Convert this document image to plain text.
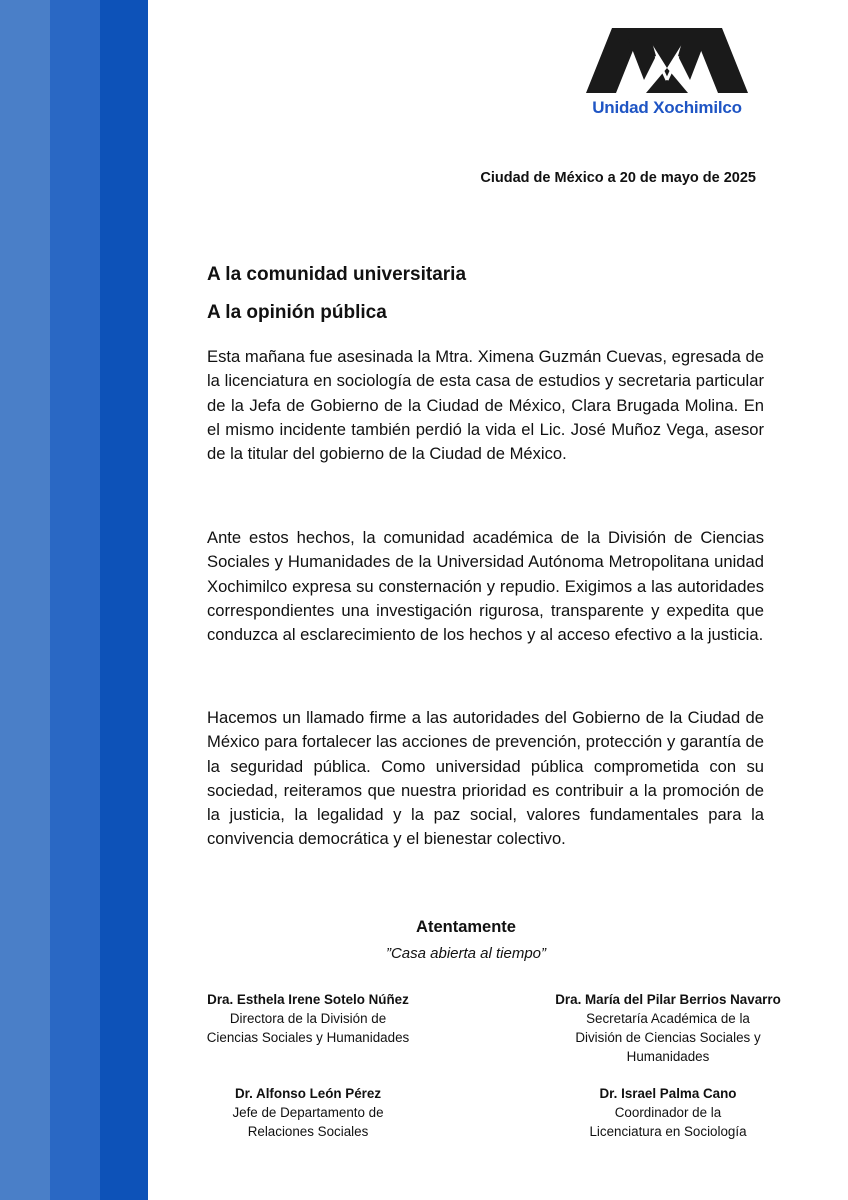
Unidad Xochimilco
Ciudad de México a 20 de mayo de 2025
A la comunidad universitaria
A la opinión pública
Esta mañana fue asesinada la Mtra. Ximena Guzmán Cuevas, egresada de la licenciatura en sociología de esta casa de estudios y secretaria particular de la Jefa de Gobierno de la Ciudad de México, Clara Brugada Molina. En el mismo incidente también perdió la vida el Lic. José Muñoz Vega, asesor de la titular del gobierno de la Ciudad de México.
Ante estos hechos, la comunidad académica de la División de Ciencias Sociales y Humanidades de la Universidad Autónoma Metropolitana unidad Xochimilco expresa su consternación y repudio. Exigimos a las autoridades correspondientes una investigación rigurosa, transparente y expedita que conduzca al esclarecimiento de los hechos y al acceso efectivo a la justicia.
Hacemos un llamado firme a las autoridades del Gobierno de la Ciudad de México para fortalecer las acciones de prevención, protección y garantía de la seguridad pública. Como universidad pública comprometida con su sociedad, reiteramos que nuestra prioridad es contribuir a la promoción de la justicia, la legalidad y la paz social, valores fundamentales para la convivencia democrática y el bienestar colectivo.
Atentamente
”Casa abierta al tiempo”
Dra. Esthela Irene Sotelo Núñez
Directora de la División de
Ciencias Sociales y Humanidades
Dra. María del Pilar Berrios Navarro
Secretaría Académica de la
División de Ciencias Sociales y
Humanidades
Dr. Alfonso León Pérez
Jefe de Departamento de
Relaciones Sociales
Dr. Israel Palma Cano
Coordinador de la
Licenciatura en Sociología
